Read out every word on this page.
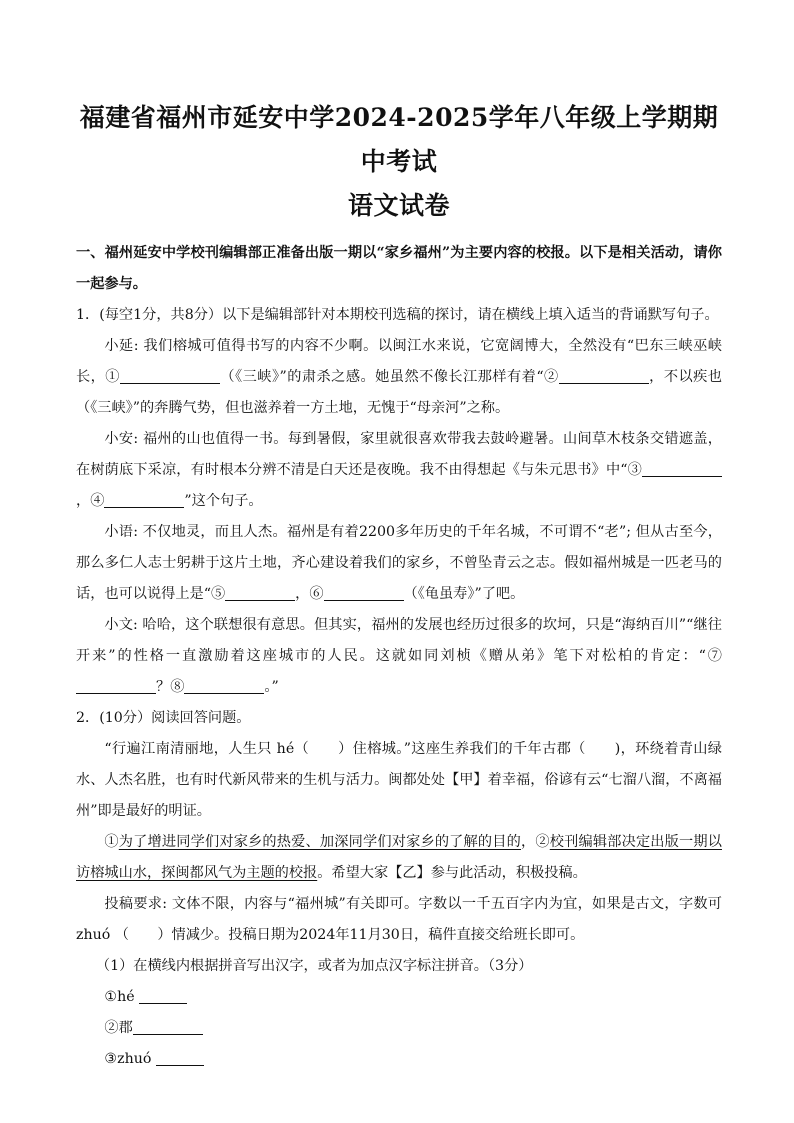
福建省福州市延安中学2024-2025学年八年级上学期期中考试
语文试卷

一、福州延安中学校刊编辑部正准备出版一期以“家乡福州”为主要内容的校报。以下是相关活动，请你一起参与。

1．(每空1分，共8分）以下是编辑部针对本期校刊选稿的探讨，请在横线上填入适当的背诵默写句子。

小延: 我们榕城可值得书写的内容不少啊。以闽江水来说，它宽阔博大，全然没有“巴东三峡巫峡长，①	（《三峡》”的肃杀之感。她虽然不像长江那样有着“②	，不以疾也（《三峡》”的奔腾气势，但也滋养着一方土地，无愧于“母亲河”之称。

小安: 福州的山也值得一书。每到暑假，家里就很喜欢带我去鼓岭避暑。山间草木枝条交错遮盖，在树荫底下采凉，有时根本分辨不清是白天还是夜晚。我不由得想起《与朱元思书》中“③，④	”这个句子。

小语: 不仅地灵，而且人杰。福州是有着2200多年历史的千年名城，不可谓不“老”; 但从古至今，那么多仁人志士躬耕于这片土地，齐心建设着我们的家乡，不曾坠青云之志。假如福州城是一匹老马的话，也可以说得上是“⑤	，⑥	（《龟虽寿》”了吧。

小文: 哈哈，这个联想很有意思。但其实，福州的发展也经历过很多的坎坷，只是“海纳百川”“继往开来”的性格一直激励着这座城市的人民。这就如同刘桢《赠从弟》笔下对松柏的肯定：“⑦？⑧	。”

2．(10分）阅读回答问题。

“行遍江南清丽地，人生只 hé（　　）住榕城。”这座生养我们的千年古郡（　　)，环绕着青山绿水、人杰名胜，也有时代新风带来的生机与活力。闽都处处【甲】着幸福，俗谚有云“七溜八溜，不离福州”即是最好的明证。

①为了增进同学们对家乡的热爱、加深同学们对家乡的了解的目的，②校刊编辑部决定出版一期以访榕城山水，探闽都风气为主题的校报。希望大家【乙】参与此活动，积极投稿。

投稿要求: 文体不限，内容与“福州城”有关即可。字数以一千五百字内为宜，如果是古文，字数可 zhuó （　　）情减少。投稿日期为2024年11月30日，稿件直接交给班长即可。

（1）在横线内根据拼音写出汉字，或者为加点汉字标注拼音。（3分）

①hé

②郡

③zhuó
